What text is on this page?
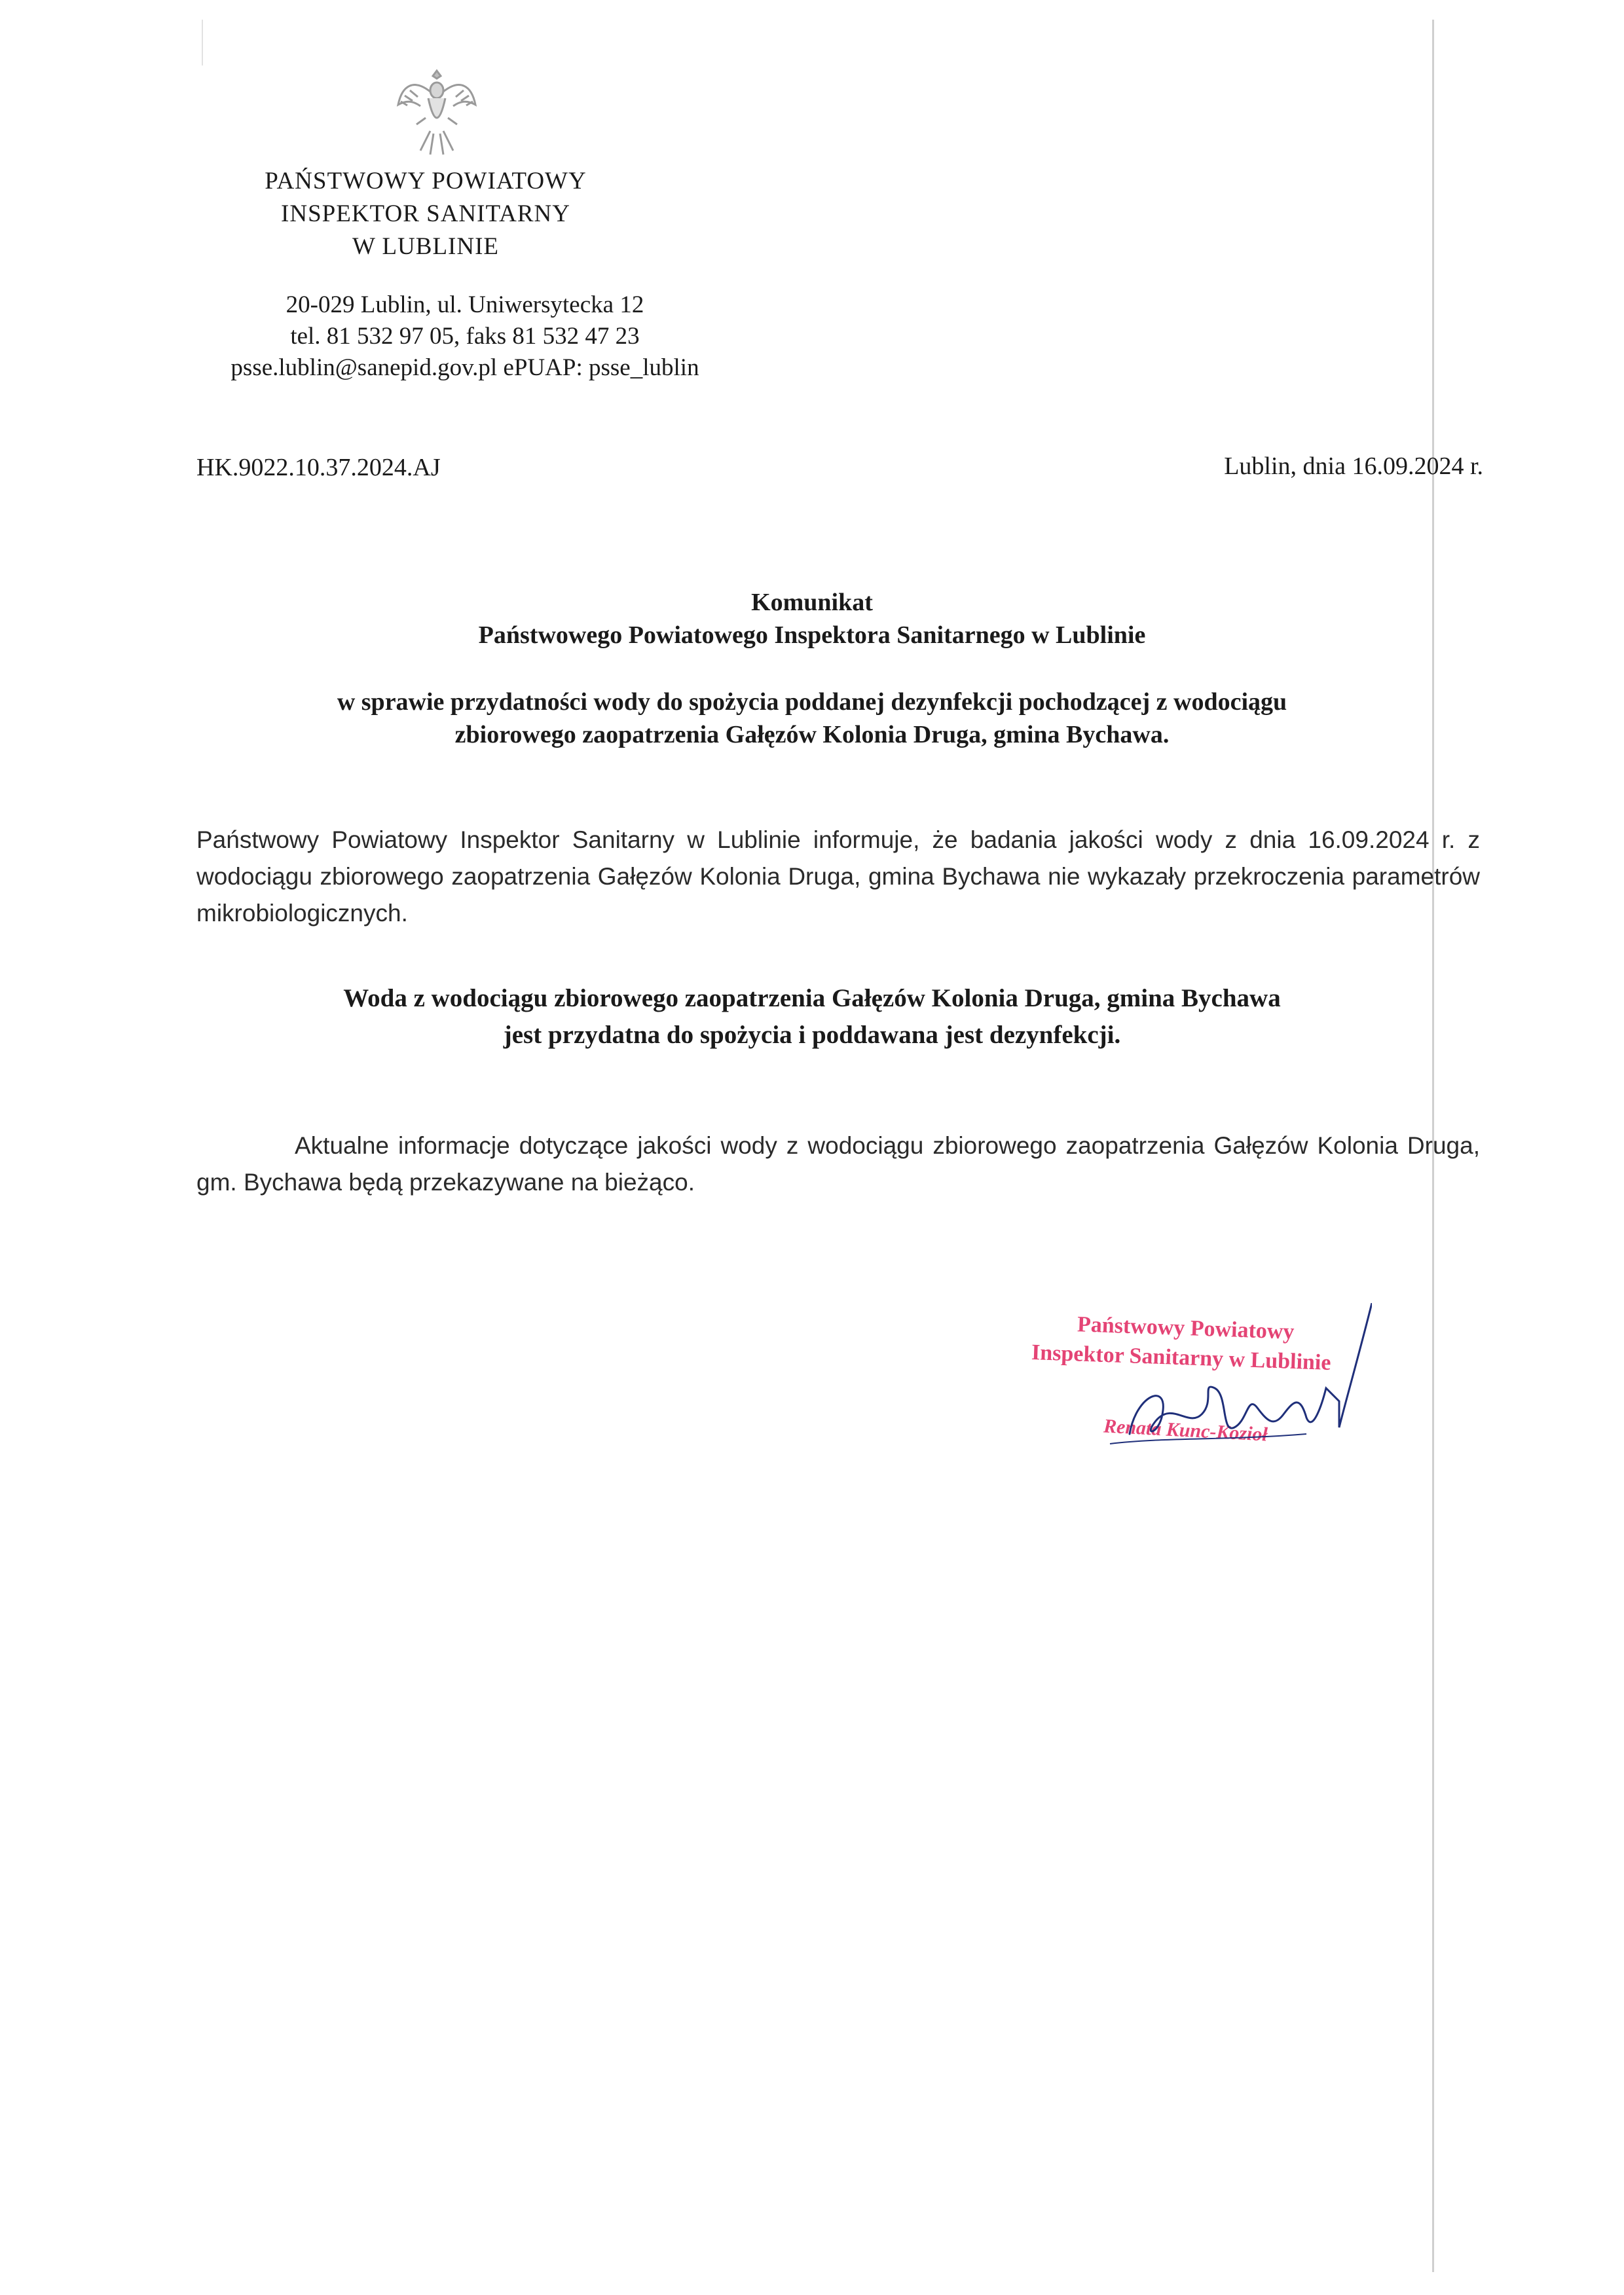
PAŃSTWOWY POWIATOWY
INSPEKTOR SANITARNY
W LUBLINIE
20-029 Lublin, ul. Uniwersytecka 12
tel. 81 532 97 05, faks 81 532 47 23
psse.lublin@sanepid.gov.pl ePUAP: psse_lublin
HK.9022.10.37.2024.AJ	Lublin, dnia 16.09.2024 r.
Komunikat
Państwowego Powiatowego Inspektora Sanitarnego w Lublinie
w sprawie przydatności wody do spożycia poddanej dezynfekcji pochodzącej z wodociągu
zbiorowego zaopatrzenia Gałęzów Kolonia Druga, gmina Bychawa.
Państwowy Powiatowy Inspektor Sanitarny w Lublinie informuje, że badania jakości wody z dnia 16.09.2024 r. z wodociągu zbiorowego zaopatrzenia Gałęzów Kolonia Druga, gmina Bychawa nie wykazały przekroczenia parametrów mikrobiologicznych.
Woda z wodociągu zbiorowego zaopatrzenia Gałęzów Kolonia Druga, gmina Bychawa
jest przydatna do spożycia i poddawana jest dezynfekcji.
Aktualne informacje dotyczące jakości wody z wodociągu zbiorowego zaopatrzenia Gałęzów Kolonia Druga, gm. Bychawa będą przekazywane na bieżąco.
Państwowy Powiatowy
Inspektor Sanitarny w Lublinie
Renata Kunc-Kozioł
